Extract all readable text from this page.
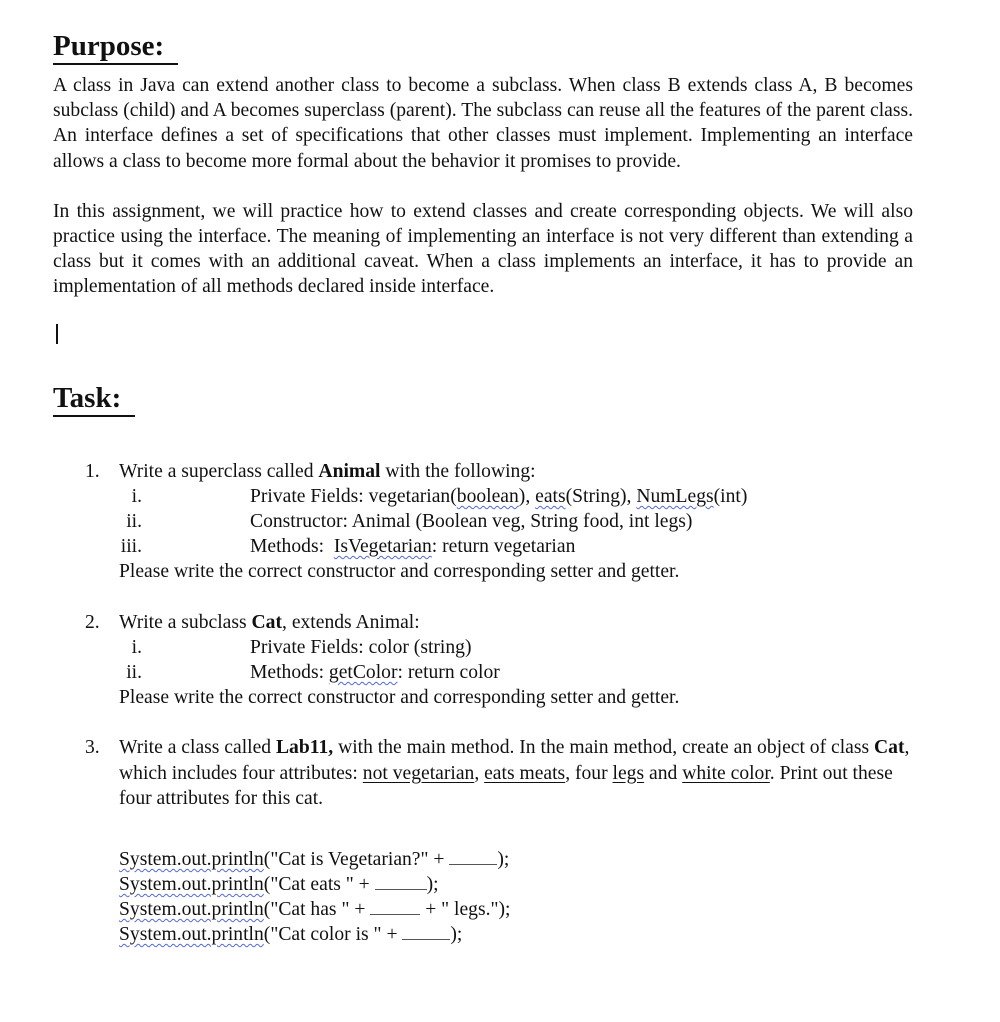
Purpose:

A class in Java can extend another class to become a subclass. When class B extends class A, B becomes subclass (child) and A becomes superclass (parent). The subclass can reuse all the features of the parent class. An interface defines a set of specifications that other classes must implement. Implementing an interface allows a class to become more formal about the behavior it promises to provide.

In this assignment, we will practice how to extend classes and create corresponding objects. We will also practice using the interface. The meaning of implementing an interface is not very different than extending a class but it comes with an additional caveat. When a class implements an interface, it has to provide an implementation of all methods declared inside interface.

Task:
1. Write a superclass called Animal with the following:
i.	Private Fields: vegetarian(boolean), eats(String), NumLegs(int)
ii.	Constructor: Animal (Boolean veg, String food, int legs)
iii.	Methods:  IsVegetarian: return vegetarian
Please write the correct constructor and corresponding setter and getter.
2. Write a subclass Cat, extends Animal:
i.	Private Fields: color (string)
ii.	Methods: getColor: return color
Please write the correct constructor and corresponding setter and getter.
3. Write a class called Lab11, with the main method. In the main method, create an object of class Cat, which includes four attributes: not vegetarian, eats meats, four legs and white color. Print out these four attributes for this cat.
System.out.println("Cat is Vegetarian?" + );
System.out.println("Cat eats " +	);
System.out.println("Cat has " +	+ " legs.");
System.out.println("Cat color is " + );
